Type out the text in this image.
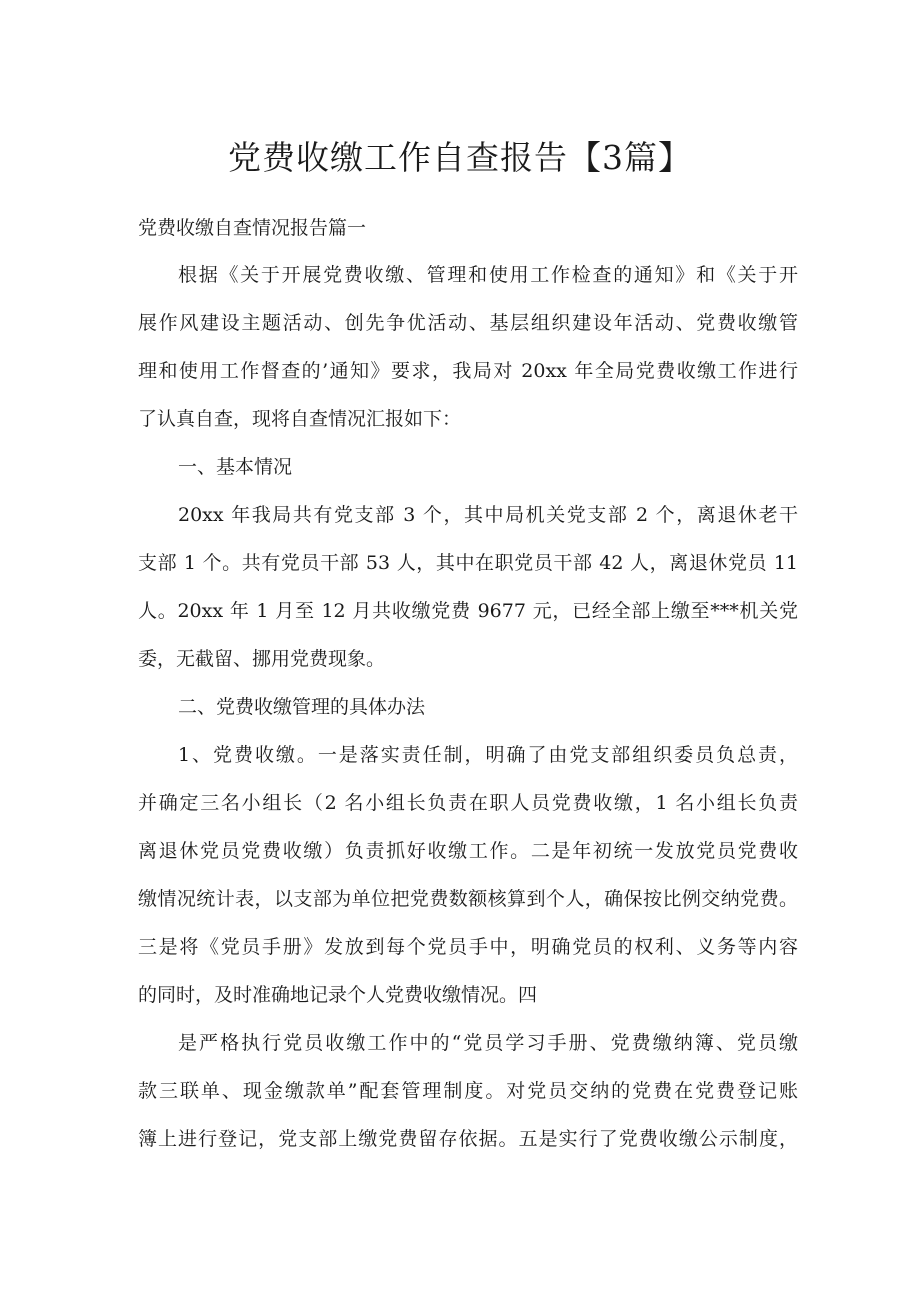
党费收缴工作自查报告【3篇】

党费收缴自查情况报告篇一

根据《关于开展党费收缴、管理和使用工作检查的通知》和《关于开

展作风建设主题活动、创先争优活动、基层组织建设年活动、党费收缴管

理和使用工作督查的’通知》要求，我局对 20xx 年全局党费收缴工作进行

了认真自查，现将自查情况汇报如下：

一、基本情况

20xx 年我局共有党支部 3 个，其中局机关党支部 2 个，离退休老干

支部 1 个。共有党员干部 53 人，其中在职党员干部 42 人，离退休党员 11

人。20xx 年 1 月至 12 月共收缴党费 9677 元，已经全部上缴至***机关党

委，无截留、挪用党费现象。

二、党费收缴管理的具体办法

1、党费收缴。一是落实责任制，明确了由党支部组织委员负总责，

并确定三名小组长（2 名小组长负责在职人员党费收缴，1 名小组长负责

离退休党员党费收缴）负责抓好收缴工作。二是年初统一发放党员党费收

缴情况统计表，以支部为单位把党费数额核算到个人，确保按比例交纳党费。

三是将《党员手册》发放到每个党员手中，明确党员的权利、义务等内容

的同时，及时准确地记录个人党费收缴情况。四

是严格执行党员收缴工作中的“党员学习手册、党费缴纳簿、党员缴

款三联单、现金缴款单”配套管理制度。对党员交纳的党费在党费登记账

簿上进行登记，党支部上缴党费留存依据。五是实行了党费收缴公示制度，
